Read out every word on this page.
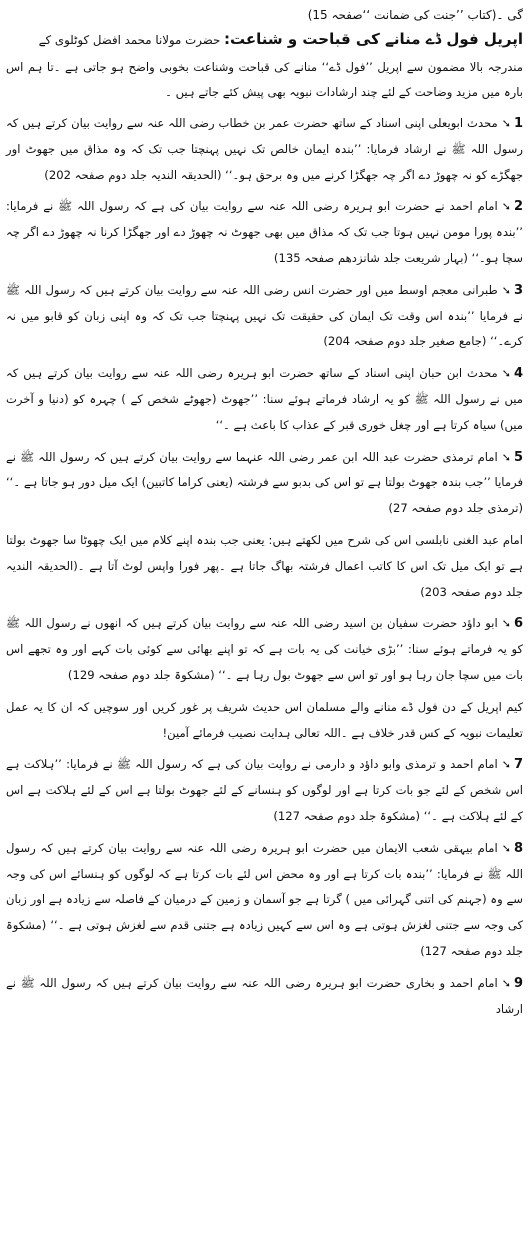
گی ۔(کتاب ’’جنت کی ضمانت ‘‘صفحہ 15)
اپریل فول ڈے منانے کی قباحت و شناعت: حضرت مولانا محمد افضل کوٹلوی کے
مندرجہ بالا مضمون سے اپریل ’’فول ڈے‘‘ منانے کی قباحت وشناعت بخوبی واضح ہو جاتی ہے ۔تا ہم اس بارہ میں مزید وضاحت کے لئے چند ارشادات نبویہ بھی پیش کئے جاتے ہیں ۔
1➘محدث ابویعلی اپنی اسناد کے ساتھ حضرت عمر بن خطاب رضی اللہ عنہ سے روایت بیان کرتے ہیں کہ رسول اللہ ﷺ نے ارشاد فرمایا: ’’بندہ ایمان خالص تک نہیں پہنچتا جب تک کہ وہ مذاق میں جھوٹ اور جھگڑے کو نہ چھوڑ دے اگر چہ جھگڑا کرنے میں وہ برحق ہو۔‘‘ (الحدیقہ الندیہ جلد دوم صفحہ 202)
2➘امام احمد نے حضرت ابو ہریرہ رضی اللہ عنہ سے روایت بیان کی ہے کہ رسول اللہ ﷺ نے فرمایا: ’’بندہ پورا مومن نہیں ہوتا جب تک کہ مذاق میں بھی جھوٹ نہ چھوڑ دے اور جھگڑا کرنا نہ چھوڑ دے اگر چہ سچا ہو۔‘‘ (بہار شریعت جلد شانزدھم صفحہ 135)
3➘طبرانی معجم اوسط میں اور حضرت انس رضی اللہ عنہ سے روایت بیان کرتے ہیں کہ رسول اللہ ﷺ نے فرمایا ’’بندہ اس وقت تک ایمان کی حقیقت تک نہیں پہنچتا جب تک کہ وہ اپنی زبان کو قابو میں نہ کرے۔‘‘ (جامع صغیر جلد دوم صفحہ 204)
4➘محدث ابن حبان اپنی اسناد کے ساتھ حضرت ابو ہریرہ رضی اللہ عنہ سے روایت بیان کرتے ہیں کہ میں نے رسول اللہ ﷺ کو یہ ارشاد فرماتے ہوئے سنا: ’’جھوٹ (جھوٹے شخص کے ) چہرہ کو (دنیا و آخرت میں) سیاہ کرتا ہے اور چغل خوری قبر کے عذاب کا باعث ہے ۔‘‘
5➘امام ترمذی حضرت عبد اللہ ابن عمر رضی اللہ عنہما سے روایت بیان کرتے ہیں کہ رسول اللہ ﷺ نے فرمایا ’’جب بندہ جھوٹ بولتا ہے تو اس کی بدبو سے فرشتہ (یعنی کراما کاتبین) ایک میل دور ہو جاتا ہے ۔‘‘ (ترمذی جلد دوم صفحہ 27)
امام عبد الغنی نابلسی اس کی شرح میں لکھتے ہیں: یعنی جب بندہ اپنے کلام میں ایک چھوٹا سا جھوٹ بولتا ہے تو ایک میل تک اس کا کاتب اعمال فرشتہ بھاگ جاتا ہے ۔پھر فورا واپس لوٹ آتا ہے ۔(الحدیقہ الندیہ جلد دوم صفحہ 203)
6➘ابو داؤد حضرت سفیان بن اسید رضی اللہ عنہ سے روایت بیان کرتے ہیں کہ انھوں نے رسول اللہ ﷺ کو یہ فرماتے ہوئے سنا: ’’بڑی خیانت کی یہ بات ہے کہ تو اپنے بھائی سے کوئی بات کہے اور وہ تجھے اس بات میں سچا جان رہا ہو اور تو اس سے جھوٹ بول رہا ہے ۔‘‘ (مشکوۃ جلد دوم صفحہ 129)
کیم اپریل کے دن فول ڈے منانے والے مسلمان اس حدیث شریف پر غور کریں اور سوچیں کہ ان کا یہ عمل تعلیمات نبویہ کے کس قدر خلاف ہے ۔اللہ تعالی ہدایت نصیب فرمائے آمین!
7➘امام احمد و ترمذی وابو داؤد و دارمی نے روایت بیان کی ہے کہ رسول اللہ ﷺ نے فرمایا: ’’ہلاکت ہے اس شخص کے لئے جو بات کرتا ہے اور لوگوں کو ہنسانے کے لئے جھوٹ بولتا ہے اس کے لئے ہلاکت ہے اس کے لئے ہلاکت ہے ۔‘‘ (مشکوۃ جلد دوم صفحہ 127)
8➘امام بیہقی شعب الایمان میں حضرت ابو ہریرہ رضی اللہ عنہ سے روایت بیان کرتے ہیں کہ رسول اللہ ﷺ نے فرمایا: ’’بندہ بات کرتا ہے اور وہ محض اس لئے بات کرتا ہے کہ لوگوں کو ہنسائے اس کی وجہ سے وہ (جہنم کی اتنی گہرائی میں ) گرتا ہے جو آسمان و زمین کے درمیان کے فاصلہ سے زیادہ ہے اور زبان کی وجہ سے جتنی لغزش ہوتی ہے وہ اس سے کہیں زیادہ ہے جتنی قدم سے لغزش ہوتی ہے ۔‘‘ (مشکوۃ جلد دوم صفحہ 127)
9➘امام احمد و بخاری حضرت ابو ہریرہ رضی اللہ عنہ سے روایت بیان کرتے ہیں کہ رسول اللہ ﷺ نے ارشاد
